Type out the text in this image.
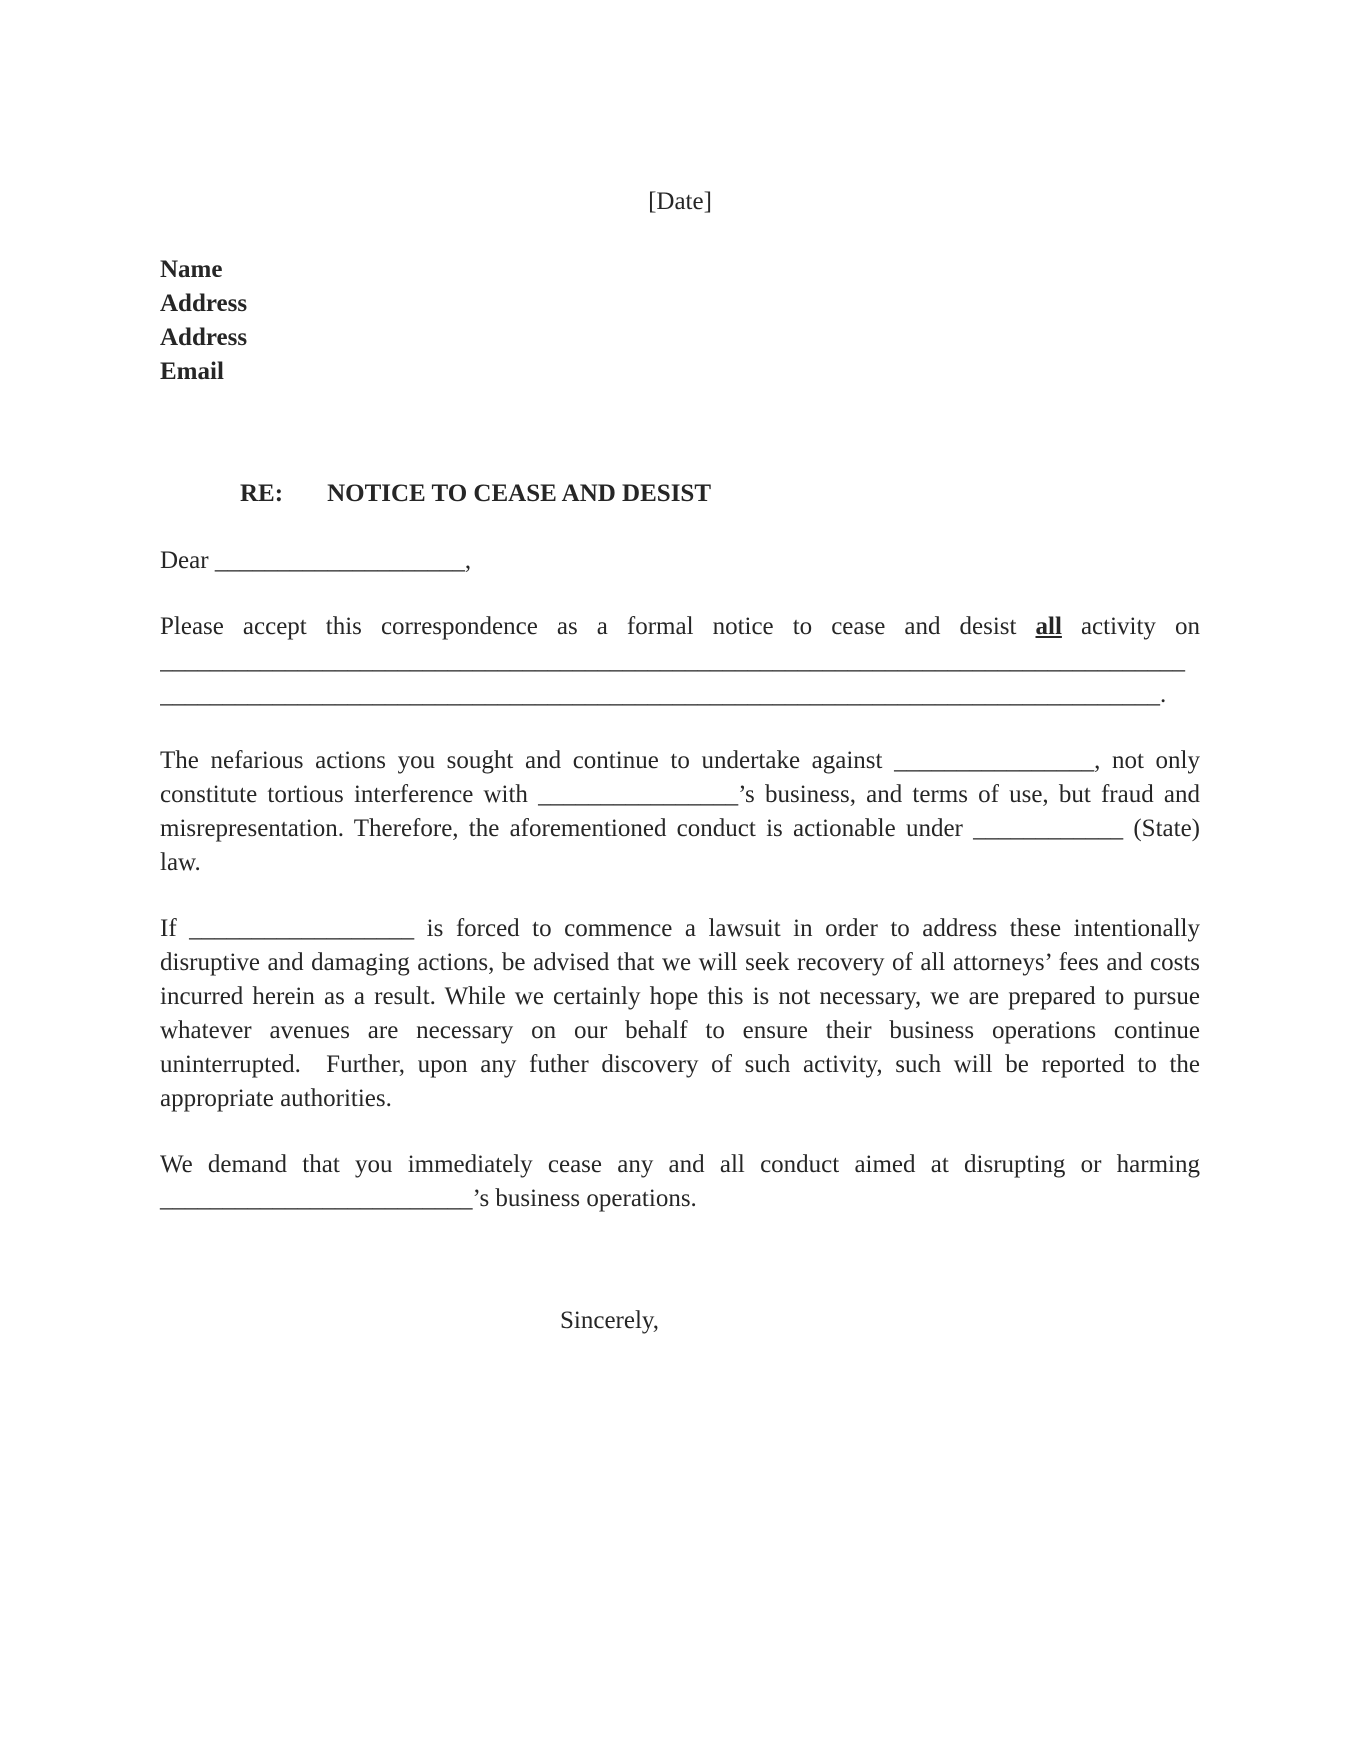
[Date]
Name
Address
Address
Email
RE: NOTICE TO CEASE AND DESIST
Dear ____________________,
Please accept this correspondence as a formal notice to cease and desist all activity on
__________________________________________________________________________________
________________________________________________________________________________.
The nefarious actions you sought and continue to undertake against ________________, not only constitute tortious interference with ________________’s business, and terms of use, but fraud and misrepresentation. Therefore, the aforementioned conduct is actionable under ____________ (State) law.
If __________________ is forced to commence a lawsuit in order to address these intentionally disruptive and damaging actions, be advised that we will seek recovery of all attorneys’ fees and costs incurred herein as a result. While we certainly hope this is not necessary, we are prepared to pursue whatever avenues are necessary on our behalf to ensure their business operations continue uninterrupted.  Further, upon any futher discovery of such activity, such will be reported to the appropriate authorities.
We demand that you immediately cease any and all conduct aimed at disrupting or harming _________________________’s business operations.
Sincerely,
